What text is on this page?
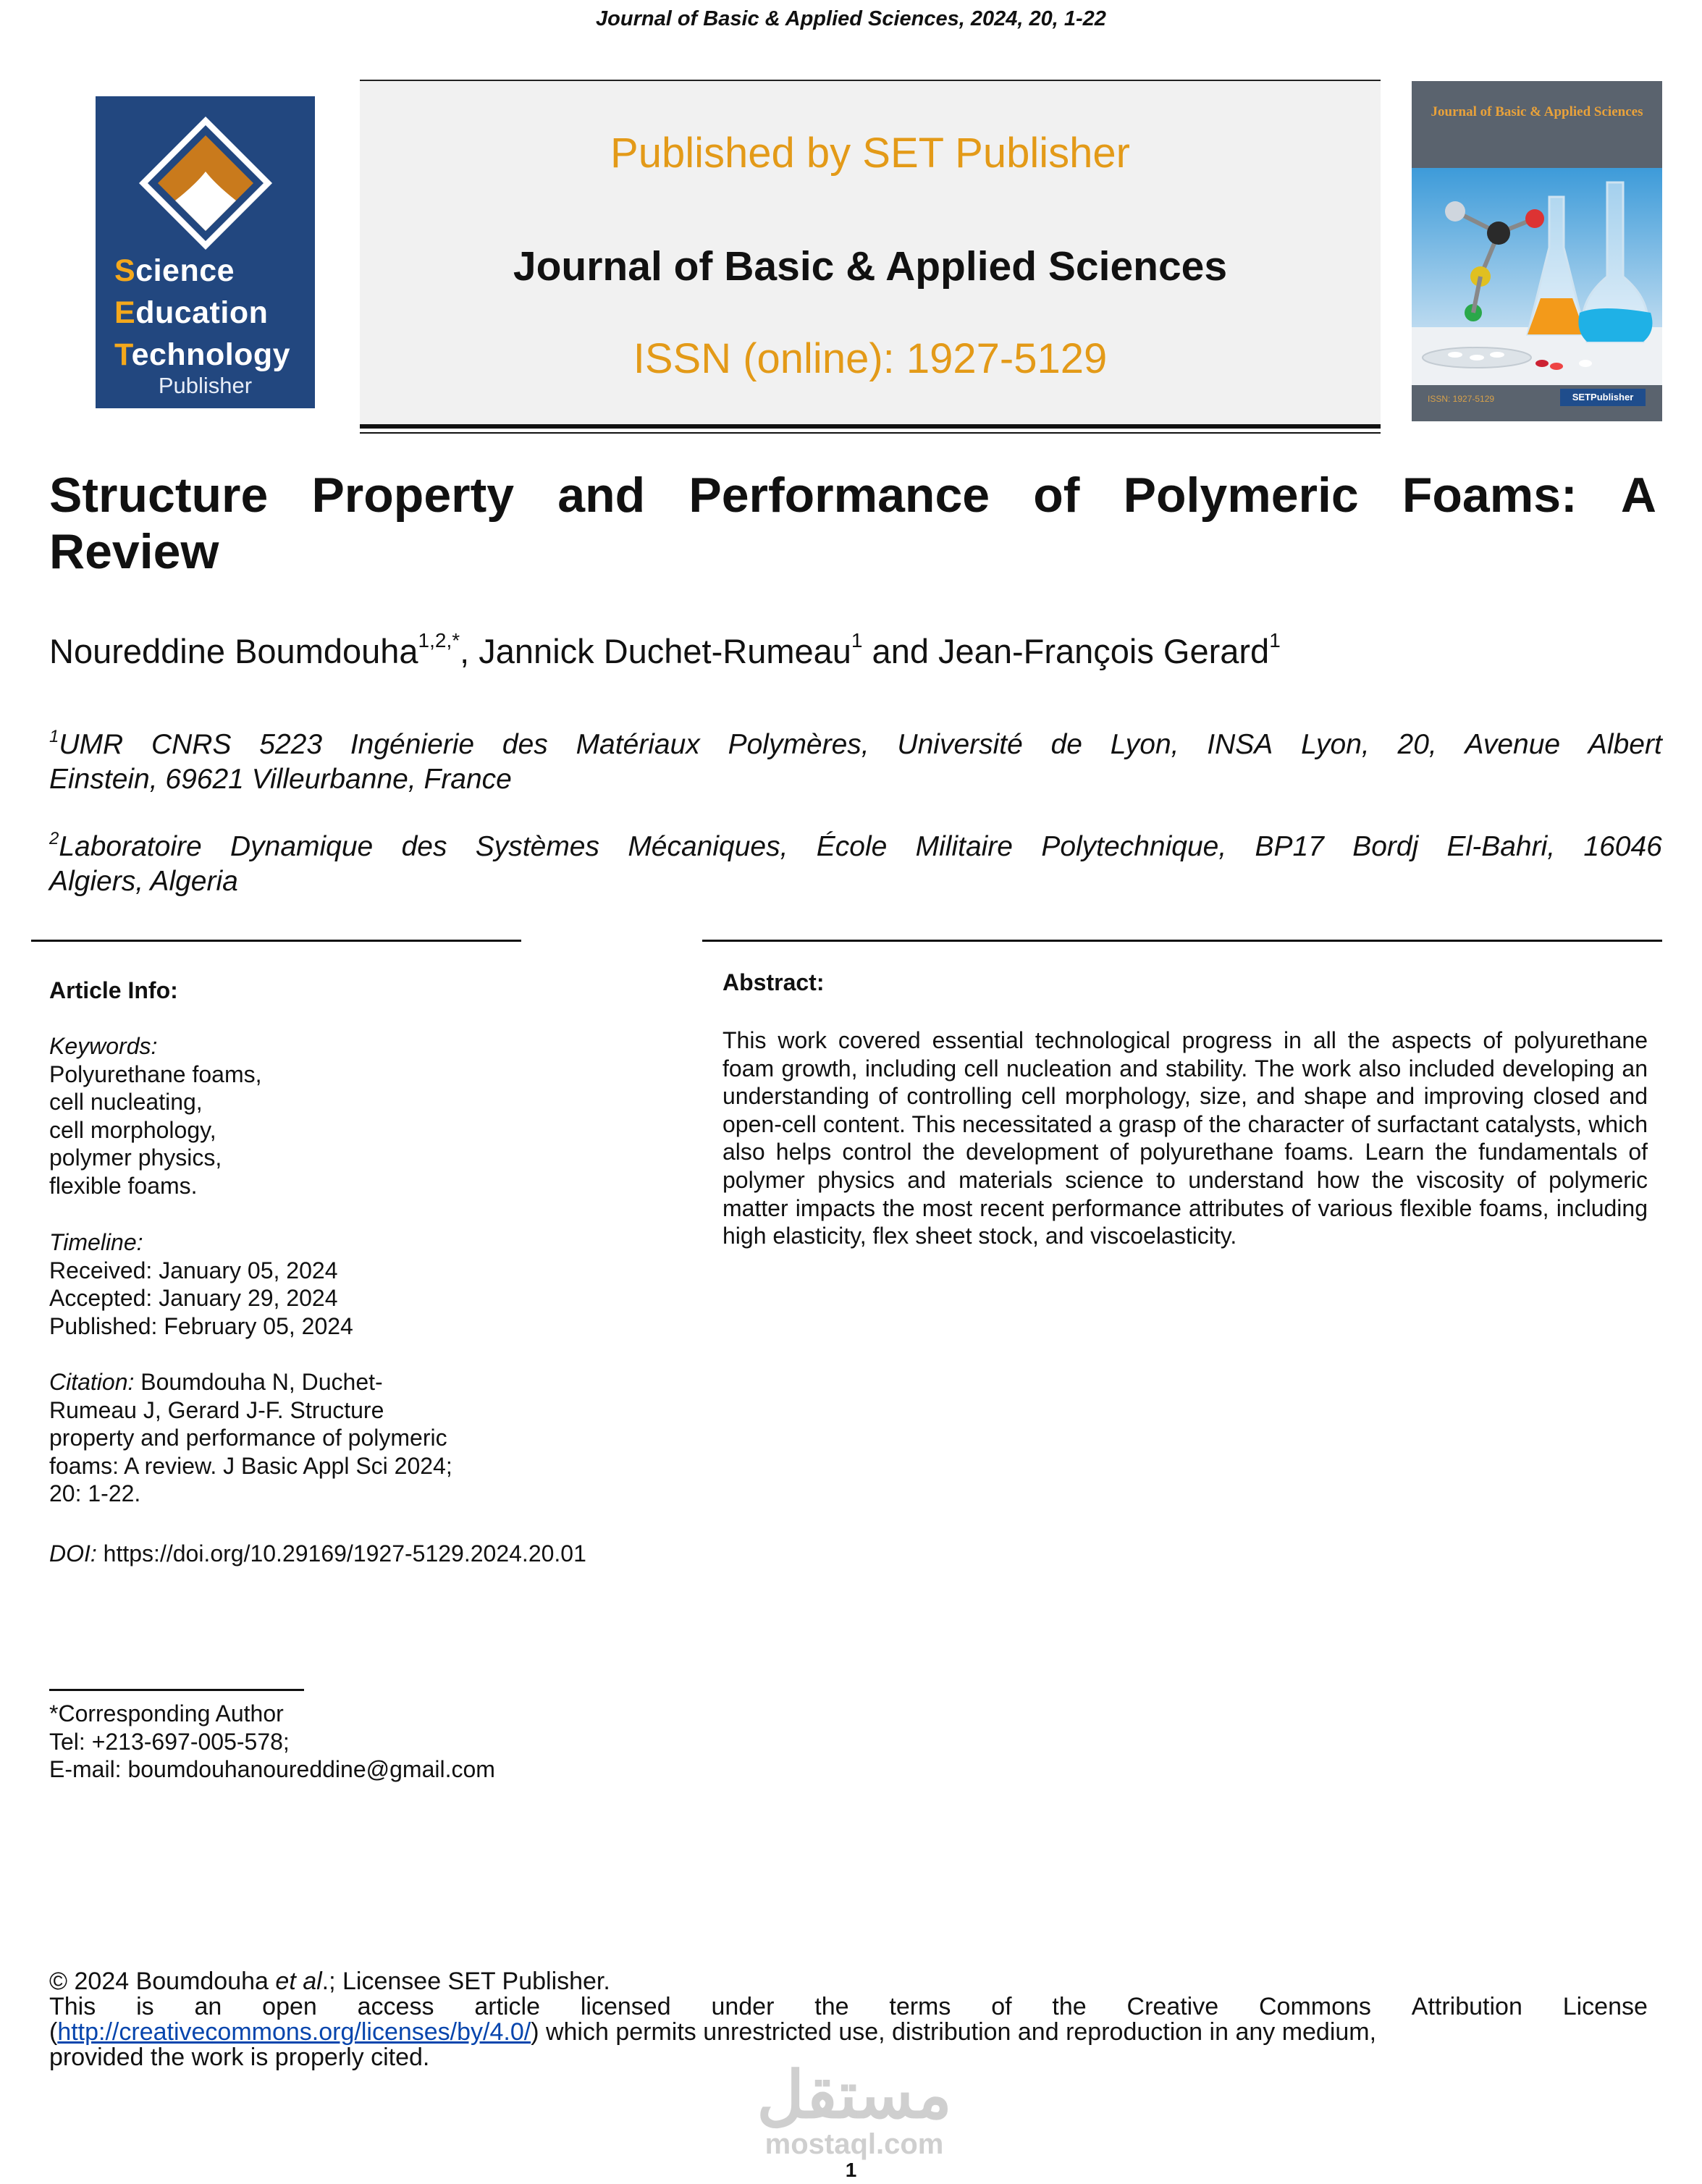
Journal of Basic & Applied Sciences, 2024, 20, 1-22
Science
Education
Technology
Publisher
Published by SET Publisher
Journal of Basic & Applied Sciences
ISSN (online): 1927-5129
Journal of Basic & Applied Sciences
ISSN: 1927-5129	SETPublisher
Structure Property and Performance of Polymeric Foams: A
Review
Noureddine Boumdouha$^{1,2,*}$, Jannick Duchet-Rumeau$^1$ and Jean-François Gerard$^1$
$^1$UMR CNRS 5223 Ingénierie des Matériaux Polymères, Université de Lyon, INSA Lyon, 20, Avenue Albert
Einstein, 69621 Villeurbanne, France
$^2$Laboratoire Dynamique des Systèmes Mécaniques, École Militaire Polytechnique, BP17 Bordj El-Bahri, 16046
Algiers, Algeria
Article Info:
Keywords:
Polyurethane foams,
cell nucleating,
cell morphology,
polymer physics,
flexible foams.
Timeline:
Received: January 05, 2024
Accepted: January 29, 2024
Published: February 05, 2024
Citation: Boumdouha N, Duchet-
Rumeau J, Gerard J-F. Structure
property and performance of polymeric
foams: A review. J Basic Appl Sci 2024;
20: 1-22.
DOI: https://doi.org/10.29169/1927-5129.2024.20.01
Abstract:
This work covered essential technological progress in all the aspects of polyurethane foam growth, including cell nucleation and stability. The work also included developing an understanding of controlling cell morphology, size, and shape and improving closed and open-cell content. This necessitated a grasp of the character of surfactant catalysts, which also helps control the development of polyurethane foams. Learn the fundamentals of polymer physics and materials science to understand how the viscosity of polymeric matter impacts the most recent performance attributes of various flexible foams, including high elasticity, flex sheet stock, and viscoelasticity.
*Corresponding Author
Tel: +213-697-005-578;
E-mail: boumdouhanoureddine@gmail.com
© 2024 Boumdouha et al.; Licensee SET Publisher.
This is an open access article licensed under the terms of the Creative Commons Attribution License
(http://creativecommons.org/licenses/by/4.0/) which permits unrestricted use, distribution and reproduction in any medium,
provided the work is properly cited.
مستقل
mostaql.com
1
